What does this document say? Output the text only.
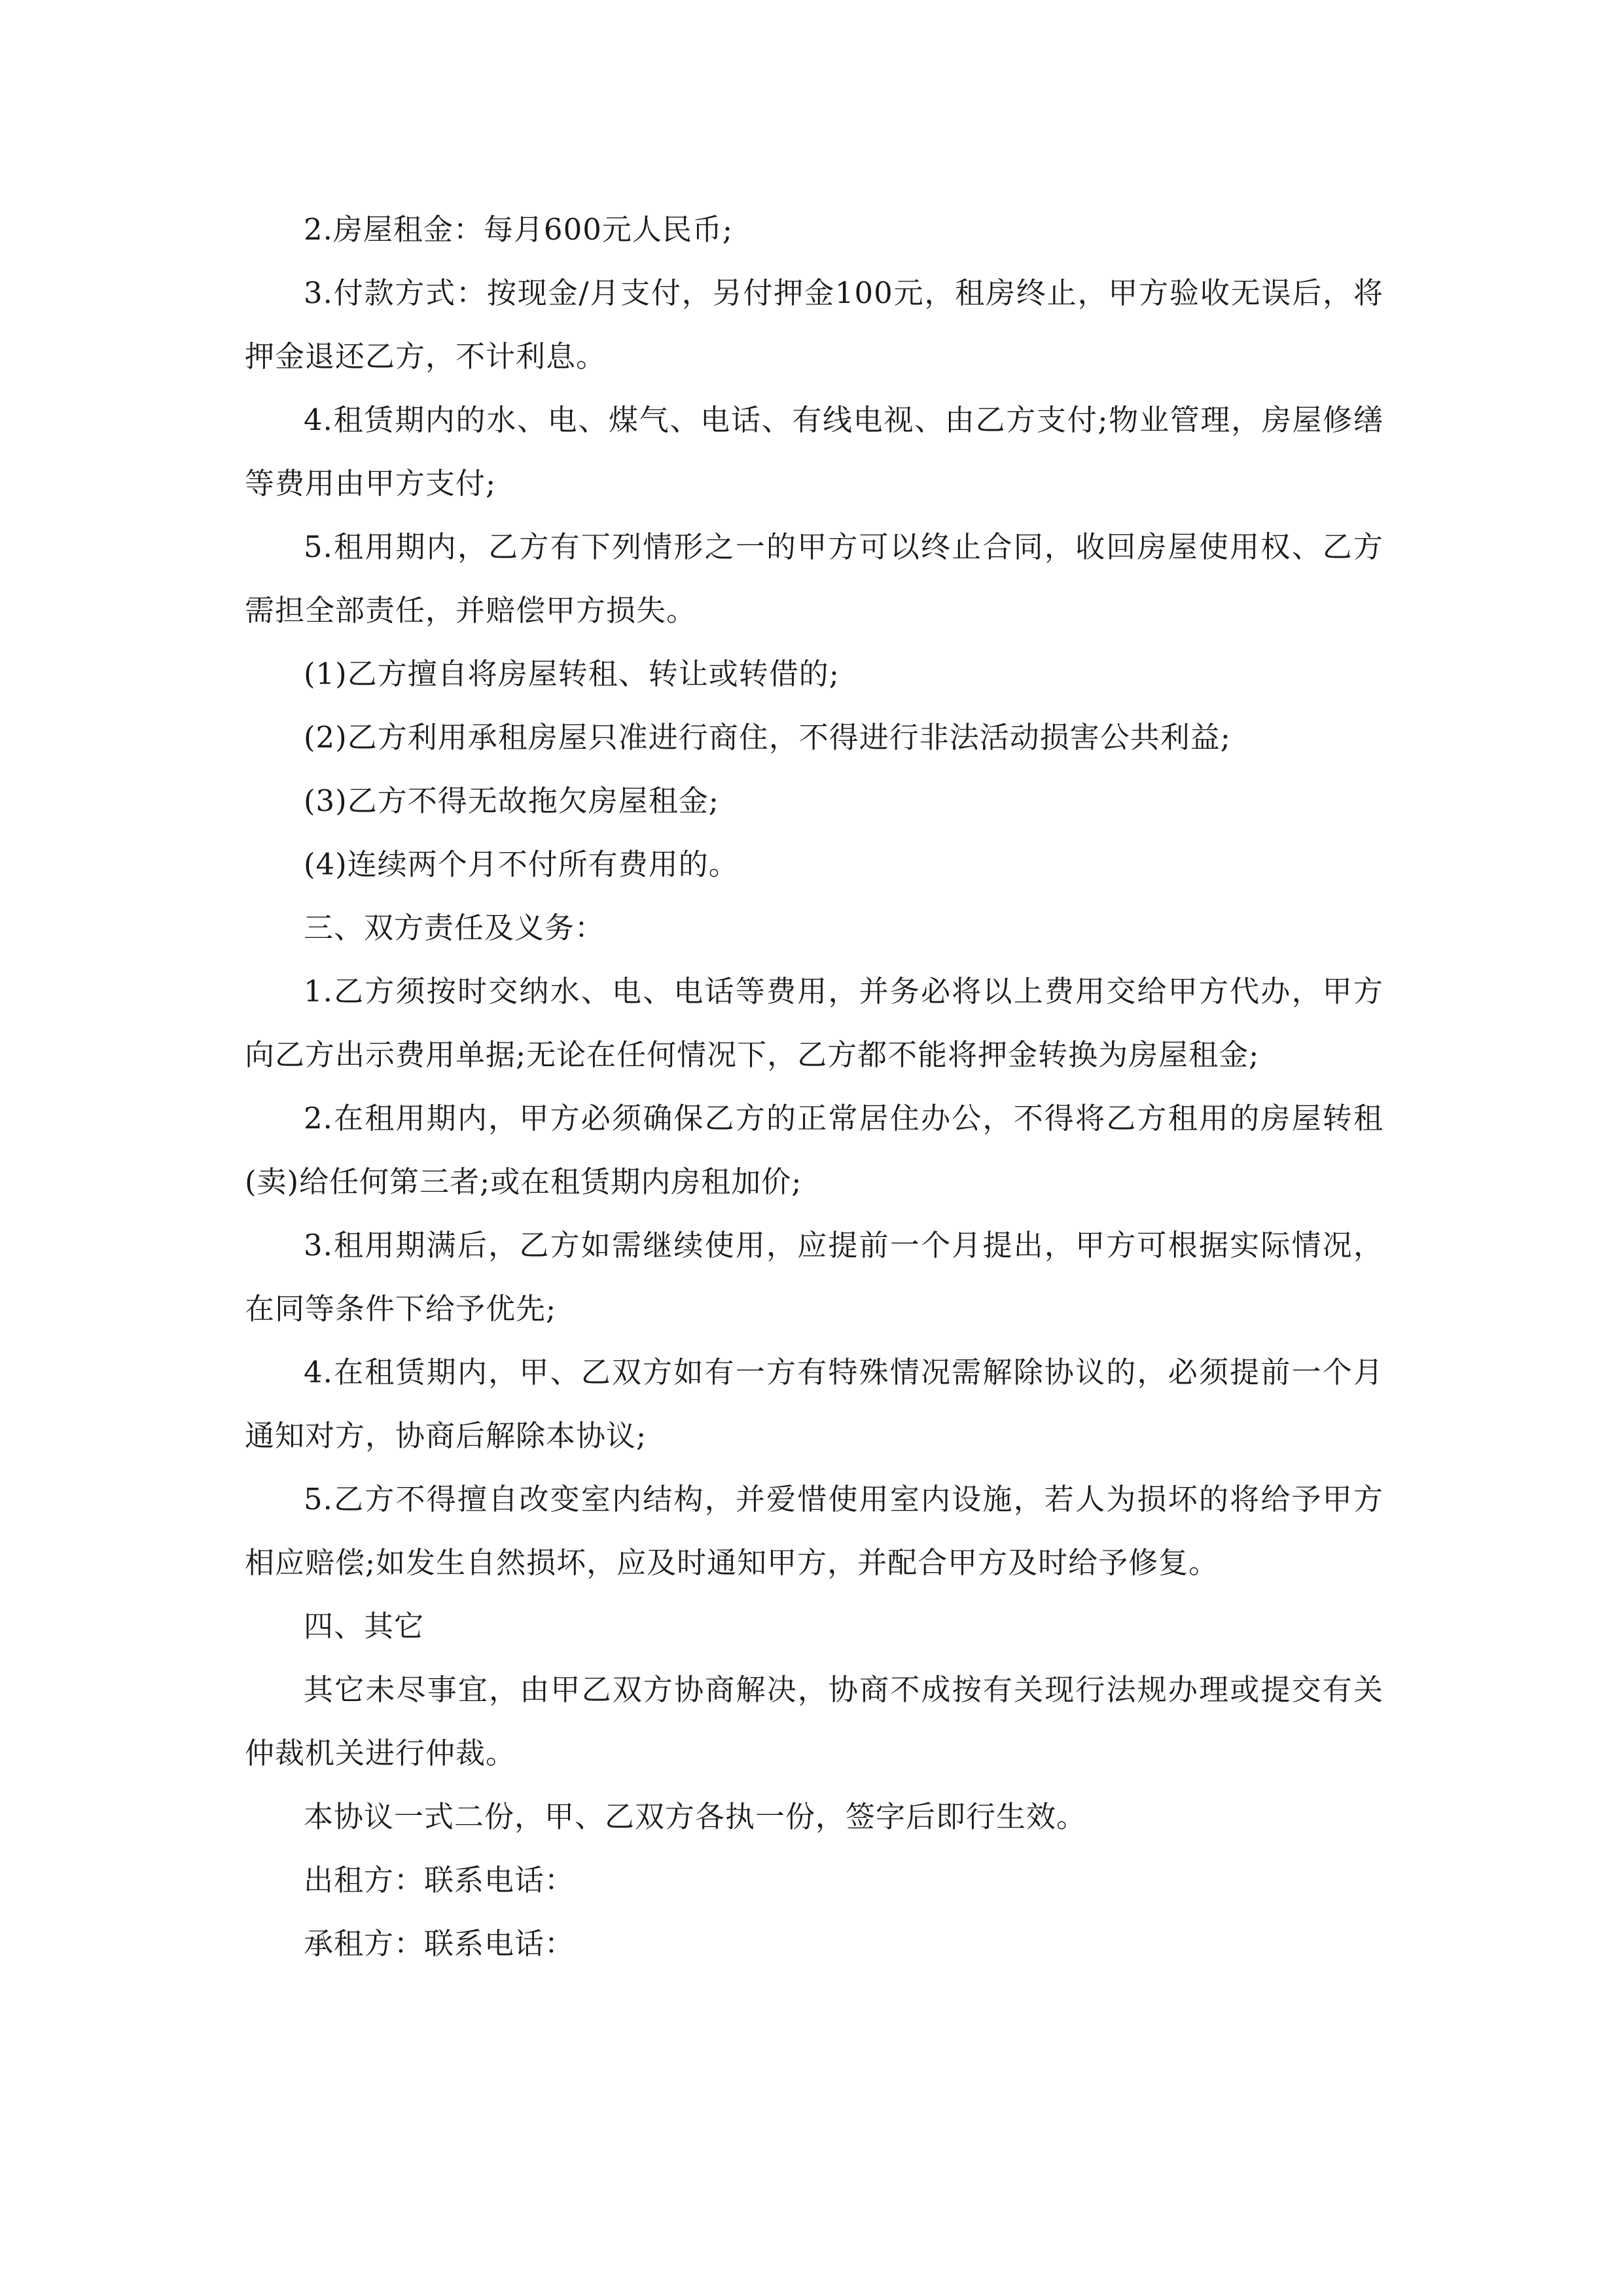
2.房屋租金：每月600元人民币;

3.付款方式：按现金/月支付，另付押金100元，租房终止，甲方验收无误后，将押金退还乙方，不计利息。

4.租赁期内的水、电、煤气、电话、有线电视、由乙方支付;物业管理，房屋修缮等费用由甲方支付;

5.租用期内，乙方有下列情形之一的甲方可以终止合同，收回房屋使用权、乙方需担全部责任，并赔偿甲方损失。

(1)乙方擅自将房屋转租、转让或转借的;

(2)乙方利用承租房屋只准进行商住，不得进行非法活动损害公共利益;

(3)乙方不得无故拖欠房屋租金;

(4)连续两个月不付所有费用的。

三、双方责任及义务：

1.乙方须按时交纳水、电、电话等费用，并务必将以上费用交给甲方代办，甲方向乙方出示费用单据;无论在任何情况下，乙方都不能将押金转换为房屋租金;

2.在租用期内，甲方必须确保乙方的正常居住办公，不得将乙方租用的房屋转租(卖)给任何第三者;或在租赁期内房租加价;

3.租用期满后，乙方如需继续使用，应提前一个月提出，甲方可根据实际情况，在同等条件下给予优先;

4.在租赁期内，甲、乙双方如有一方有特殊情况需解除协议的，必须提前一个月通知对方，协商后解除本协议;

5.乙方不得擅自改变室内结构，并爱惜使用室内设施，若人为损坏的将给予甲方相应赔偿;如发生自然损坏，应及时通知甲方，并配合甲方及时给予修复。

四、其它

其它未尽事宜，由甲乙双方协商解决，协商不成按有关现行法规办理或提交有关仲裁机关进行仲裁。

本协议一式二份，甲、乙双方各执一份，签字后即行生效。

出租方：联系电话：

承租方：联系电话：
